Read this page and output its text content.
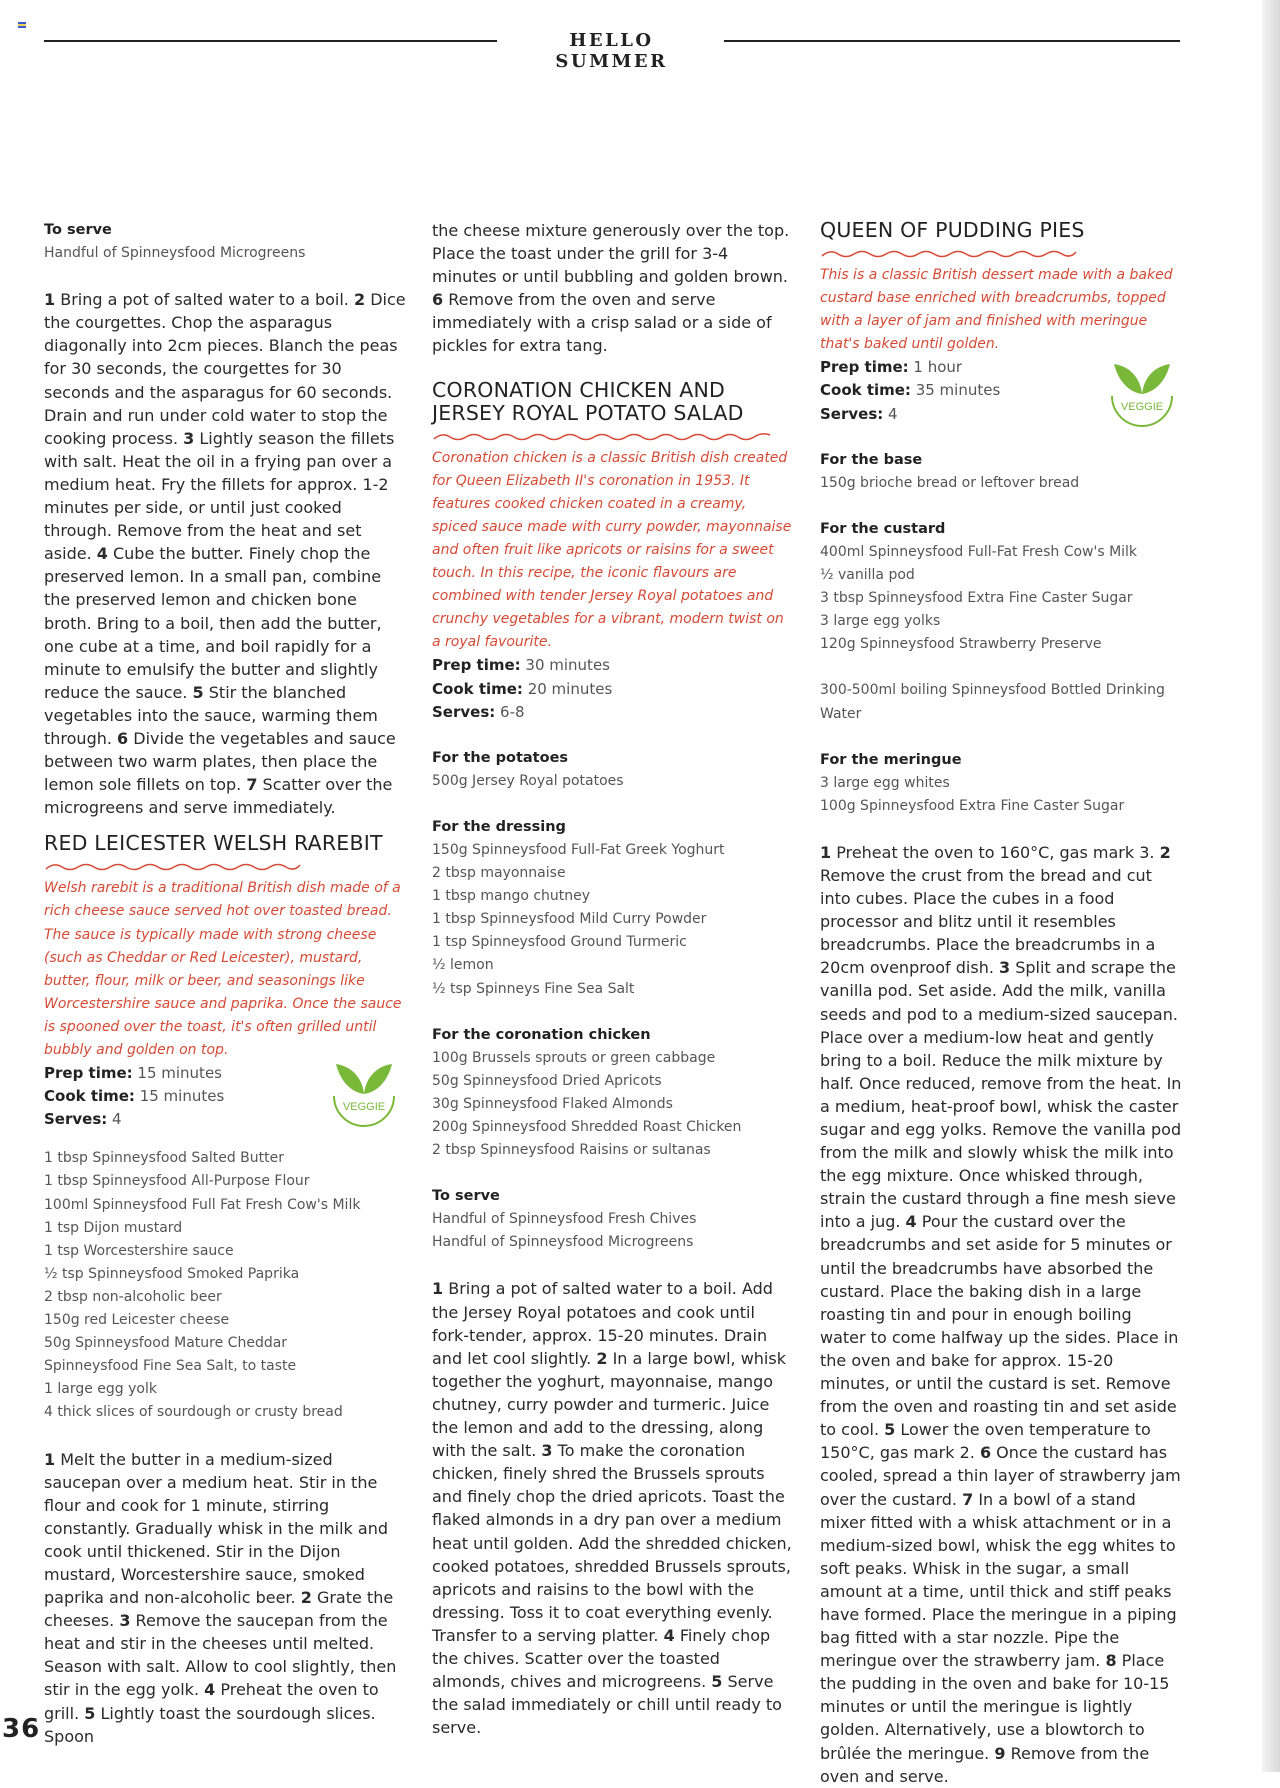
HELLO SUMMER
To serve
Handful of Spinneysfood Microgreens
1 Bring a pot of salted water to a boil. 2 Dice the courgettes. Chop the asparagus diagonally into 2cm pieces. Blanch the peas for 30 seconds, the courgettes for 30 seconds and the asparagus for 60 seconds. Drain and run under cold water to stop the cooking process. 3 Lightly season the fillets with salt. Heat the oil in a frying pan over a medium heat. Fry the fillets for approx. 1-2 minutes per side, or until just cooked through. Remove from the heat and set aside. 4 Cube the butter. Finely chop the preserved lemon. In a small pan, combine the preserved lemon and chicken bone broth. Bring to a boil, then add the butter, one cube at a time, and boil rapidly for a minute to emulsify the butter and slightly reduce the sauce. 5 Stir the blanched vegetables into the sauce, warming them through. 6 Divide the vegetables and sauce between two warm plates, then place the lemon sole fillets on top. 7 Scatter over the microgreens and serve immediately.
RED LEICESTER WELSH RAREBIT
Welsh rarebit is a traditional British dish made of a rich cheese sauce served hot over toasted bread. The sauce is typically made with strong cheese (such as Cheddar or Red Leicester), mustard, butter, flour, milk or beer, and seasonings like Worcestershire sauce and paprika. Once the sauce is spooned over the toast, it's often grilled until bubbly and golden on top.
Prep time: 15 minutes
Cook time: 15 minutes
Serves: 4
VEGGIE
1 tbsp Spinneysfood Salted Butter
1 tbsp Spinneysfood All-Purpose Flour
100ml Spinneysfood Full Fat Fresh Cow's Milk
1 tsp Dijon mustard
1 tsp Worcestershire sauce
½ tsp Spinneysfood Smoked Paprika
2 tbsp non-alcoholic beer
150g red Leicester cheese
50g Spinneysfood Mature Cheddar
Spinneysfood Fine Sea Salt, to taste
1 large egg yolk
4 thick slices of sourdough or crusty bread
1 Melt the butter in a medium-sized saucepan over a medium heat. Stir in the flour and cook for 1 minute, stirring constantly. Gradually whisk in the milk and cook until thickened. Stir in the Dijon mustard, Worcestershire sauce, smoked paprika and non-alcoholic beer. 2 Grate the cheeses. 3 Remove the saucepan from the heat and stir in the cheeses until melted. Season with salt. Allow to cool slightly, then stir in the egg yolk. 4 Preheat the oven to grill. 5 Lightly toast the sourdough slices. Spoon
the cheese mixture generously over the top. Place the toast under the grill for 3-4 minutes or until bubbling and golden brown. 6 Remove from the oven and serve immediately with a crisp salad or a side of pickles for extra tang.
CORONATION CHICKEN AND
JERSEY ROYAL POTATO SALAD
Coronation chicken is a classic British dish created for Queen Elizabeth II's coronation in 1953. It features cooked chicken coated in a creamy, spiced sauce made with curry powder, mayonnaise and often fruit like apricots or raisins for a sweet touch. In this recipe, the iconic flavours are combined with tender Jersey Royal potatoes and crunchy vegetables for a vibrant, modern twist on a royal favourite.
Prep time: 30 minutes
Cook time: 20 minutes
Serves: 6-8
For the potatoes
500g Jersey Royal potatoes
For the dressing
150g Spinneysfood Full-Fat Greek Yoghurt
2 tbsp mayonnaise
1 tbsp mango chutney
1 tbsp Spinneysfood Mild Curry Powder
1 tsp Spinneysfood Ground Turmeric
½ lemon
½ tsp Spinneys Fine Sea Salt
For the coronation chicken
100g Brussels sprouts or green cabbage
50g Spinneysfood Dried Apricots
30g Spinneysfood Flaked Almonds
200g Spinneysfood Shredded Roast Chicken
2 tbsp Spinneysfood Raisins or sultanas
To serve
Handful of Spinneysfood Fresh Chives
Handful of Spinneysfood Microgreens
1 Bring a pot of salted water to a boil. Add the Jersey Royal potatoes and cook until fork-tender, approx. 15-20 minutes. Drain and let cool slightly. 2 In a large bowl, whisk together the yoghurt, mayonnaise, mango chutney, curry powder and turmeric. Juice the lemon and add to the dressing, along with the salt. 3 To make the coronation chicken, finely shred the Brussels sprouts and finely chop the dried apricots. Toast the flaked almonds in a dry pan over a medium heat until golden. Add the shredded chicken, cooked potatoes, shredded Brussels sprouts, apricots and raisins to the bowl with the dressing. Toss it to coat everything evenly. Transfer to a serving platter. 4 Finely chop the chives. Scatter over the toasted almonds, chives and microgreens. 5 Serve the salad immediately or chill until ready to serve.
QUEEN OF PUDDING PIES
This is a classic British dessert made with a baked custard base enriched with breadcrumbs, topped with a layer of jam and finished with meringue that's baked until golden.
Prep time: 1 hour
Cook time: 35 minutes
Serves: 4	VEGGIE
For the base
150g brioche bread or leftover bread
For the custard
400ml Spinneysfood Full-Fat Fresh Cow's Milk
½ vanilla pod
3 tbsp Spinneysfood Extra Fine Caster Sugar
3 large egg yolks
120g Spinneysfood Strawberry Preserve
300-500ml boiling Spinneysfood Bottled Drinking Water
For the meringue
3 large egg whites
100g Spinneysfood Extra Fine Caster Sugar
1 Preheat the oven to 160°C, gas mark 3. 2 Remove the crust from the bread and cut into cubes. Place the cubes in a food processor and blitz until it resembles breadcrumbs. Place the breadcrumbs in a 20cm ovenproof dish. 3 Split and scrape the vanilla pod. Set aside. Add the milk, vanilla seeds and pod to a medium-sized saucepan. Place over a medium-low heat and gently bring to a boil. Reduce the milk mixture by half. Once reduced, remove from the heat. In a medium, heat-proof bowl, whisk the caster sugar and egg yolks. Remove the vanilla pod from the milk and slowly whisk the milk into the egg mixture. Once whisked through, strain the custard through a fine mesh sieve into a jug. 4 Pour the custard over the breadcrumbs and set aside for 5 minutes or until the breadcrumbs have absorbed the custard. Place the baking dish in a large roasting tin and pour in enough boiling water to come halfway up the sides. Place in the oven and bake for approx. 15-20 minutes, or until the custard is set. Remove from the oven and roasting tin and set aside to cool. 5 Lower the oven temperature to 150°C, gas mark 2. 6 Once the custard has cooled, spread a thin layer of strawberry jam over the custard. 7 In a bowl of a stand mixer fitted with a whisk attachment or in a medium-sized bowl, whisk the egg whites to soft peaks. Whisk in the sugar, a small amount at a time, until thick and stiff peaks have formed. Place the meringue in a piping bag fitted with a star nozzle. Pipe the meringue over the strawberry jam. 8 Place the pudding in the oven and bake for 10-15 minutes or until the meringue is lightly golden. Alternatively, use a blowtorch to brûlée the meringue. 9 Remove from the oven and serve.
36
